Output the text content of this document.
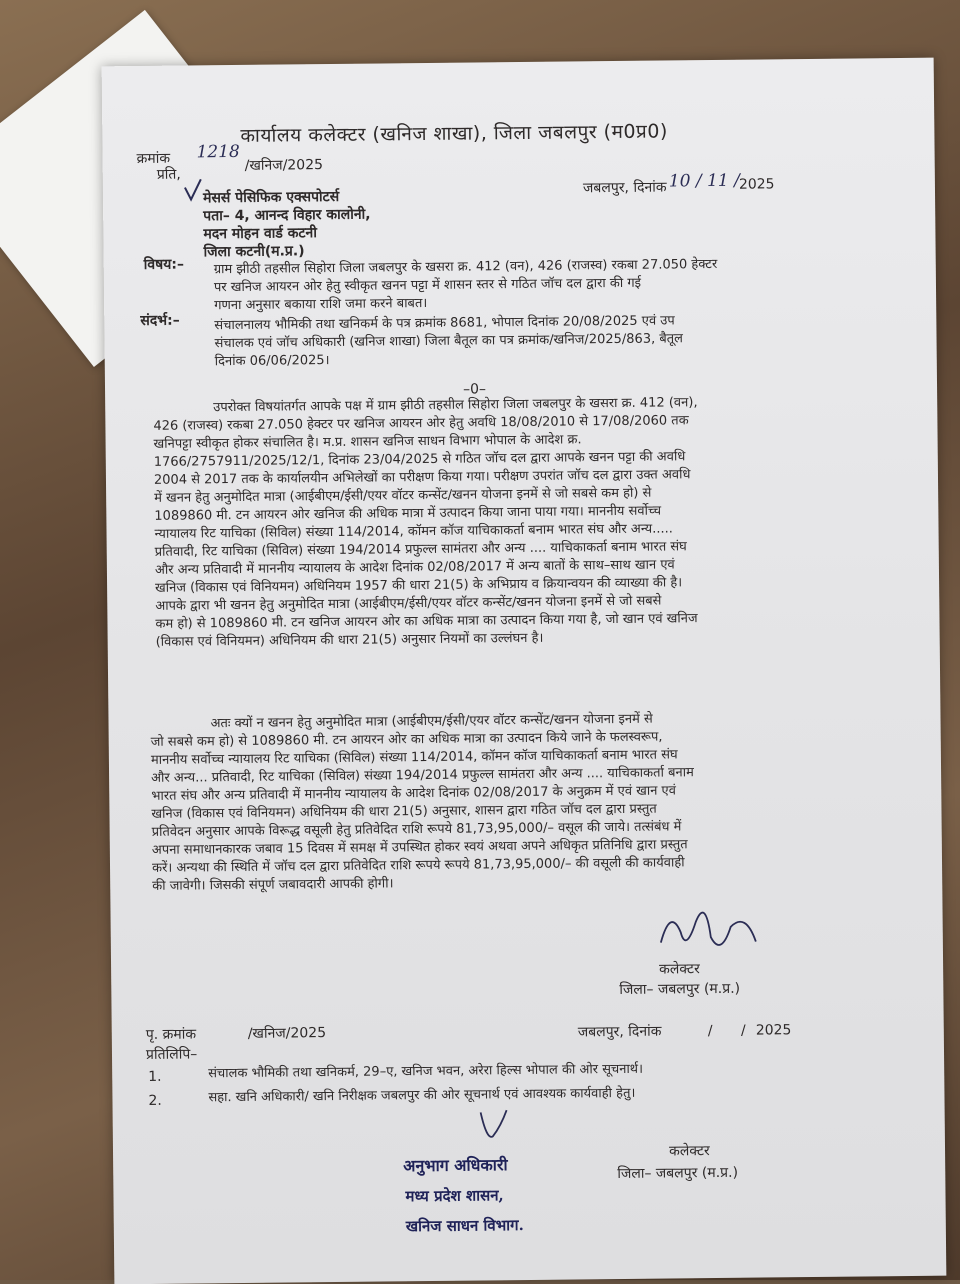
कार्यालय कलेक्टर (खनिज शाखा), जिला जबलपुर (म0प्र0)
क्रमांक 1218
/खनिज/2025
प्रति,
जबलपुर, दिनांक 10 / 11 /
2025
मेसर्स पेसिफिक एक्सपोटर्स
पता– 4, आनन्द विहार कालोनी,
मदन मोहन वार्ड कटनी
जिला कटनी(म.प्र.)
विषय:– ग्राम झीठी तहसील सिहोरा जिला जबलपुर के खसरा क्र. 412 (वन), 426 (राजस्व) रकबा 27.050 हेक्टर
पर खनिज आयरन ओर हेतु स्वीकृत खनन पट्टा में शासन स्तर से गठित जॉच दल द्वारा की गई
गणना अनुसार बकाया राशि जमा करने बाबत।
संदर्भ:–	संचालनालय भौमिकी तथा खनिकर्म के पत्र क्रमांक 8681, भोपाल दिनांक 20/08/2025 एवं उप
संचालक एवं जॉच अधिकारी (खनिज शाखा) जिला बैतूल का पत्र क्रमांक/खनिज/2025/863, बैतूल
दिनांक 06/06/2025।
–0–
उपरोक्त विषयांतर्गत आपके पक्ष में ग्राम झीठी तहसील सिहोरा जिला जबलपुर के खसरा क्र. 412 (वन),
426 (राजस्व) रकबा 27.050 हेक्टर पर खनिज आयरन ओर हेतु अवधि 18/08/2010 से 17/08/2060 तक
खनिपट्टा स्वीकृत होकर संचालित है। म.प्र. शासन खनिज साधन विभाग भोपाल के आदेश क्र.
1766/2757911/2025/12/1, दिनांक 23/04/2025 से गठित जॉच दल द्वारा आपके खनन पट्टा की अवधि
2004 से 2017 तक के कार्यालयीन अभिलेखों का परीक्षण किया गया। परीक्षण उपरांत जॉच दल द्वारा उक्त अवधि
में खनन हेतु अनुमोदित मात्रा (आईबीएम/ईसी/एयर वॉटर कन्सेंट/खनन योजना इनमें से जो सबसे कम हो) से
1089860 मी. टन आयरन ओर खनिज की अधिक मात्रा में उत्पादन किया जाना पाया गया। माननीय सर्वोच्च
न्यायालय रिट याचिका (सिविल) संख्या 114/2014, कॉमन कॉज याचिकाकर्ता बनाम भारत संघ और अन्य.....
प्रतिवादी, रिट याचिका (सिविल) संख्या 194/2014 प्रफुल्ल सामंतरा और अन्य .... याचिकाकर्ता बनाम भारत संघ
और अन्य प्रतिवादी में माननीय न्यायालय के आदेश दिनांक 02/08/2017 में अन्य बातों के साथ–साथ खान एवं
खनिज (विकास एवं विनियमन) अधिनियम 1957 की धारा 21(5) के अभिप्राय व क्रियान्वयन की व्याख्या की है।
आपके द्वारा भी खनन हेतु अनुमोदित मात्रा (आईबीएम/ईसी/एयर वॉटर कन्सेंट/खनन योजना इनमें से जो सबसे
कम हो) से 1089860 मी. टन खनिज आयरन ओर का अधिक मात्रा का उत्पादन किया गया है, जो खान एवं खनिज
(विकास एवं विनियमन) अधिनियम की धारा 21(5) अनुसार नियमों का उल्लंघन है।
अतः क्यों न खनन हेतु अनुमोदित मात्रा (आईबीएम/ईसी/एयर वॉटर कन्सेंट/खनन योजना इनमें से
जो सबसे कम हो) से 1089860 मी. टन आयरन ओर का अधिक मात्रा का उत्पादन किये जाने के फलस्वरूप,
माननीय सर्वोच्च न्यायालय रिट याचिका (सिविल) संख्या 114/2014, कॉमन कॉज याचिकाकर्ता बनाम भारत संघ
और अन्य... प्रतिवादी, रिट याचिका (सिविल) संख्या 194/2014 प्रफुल्ल सामंतरा और अन्य .... याचिकाकर्ता बनाम
भारत संघ और अन्य प्रतिवादी में माननीय न्यायालय के आदेश दिनांक 02/08/2017 के अनुक्रम में एवं खान एवं
खनिज (विकास एवं विनियमन) अधिनियम की धारा 21(5) अनुसार, शासन द्वारा गठित जॉच दल द्वारा प्रस्तुत
प्रतिवेदन अनुसार आपके विरूद्ध वसूली हेतु प्रतिवेदित राशि रूपये 81,73,95,000/– वसूल की जाये। तत्संबंध में
अपना समाधानकारक जबाव 15 दिवस में समक्ष में उपस्थित होकर स्वयं अथवा अपने अधिकृत प्रतिनिधि द्वारा प्रस्तुत
करें। अन्यथा की स्थिति में जॉच दल द्वारा प्रतिवेदित राशि रूपये रूपये 81,73,95,000/– की वसूली की कार्यवाही
की जावेगी। जिसकी संपूर्ण जबावदारी आपकी होगी।
कलेक्टर
जिला– जबलपुर (म.प्र.)
पृ. क्रमांक	/खनिज/2025	जबलपुर, दिनांक	/ / 2025
प्रतिलिपि–
1.	संचालक भौमिकी तथा खनिकर्म, 29–ए, खनिज भवन, अरेरा हिल्स भोपाल की ओर सूचनार्थ।
2.	सहा. खनि अधिकारी/ खनि निरीक्षक जबलपुर की ओर सूचनार्थ एवं आवश्यक कार्यवाही हेतु।
अनुभाग अधिकारी
मध्य प्रदेश शासन,
खनिज साधन विभाग.
कलेक्टर
जिला– जबलपुर (म.प्र.)
